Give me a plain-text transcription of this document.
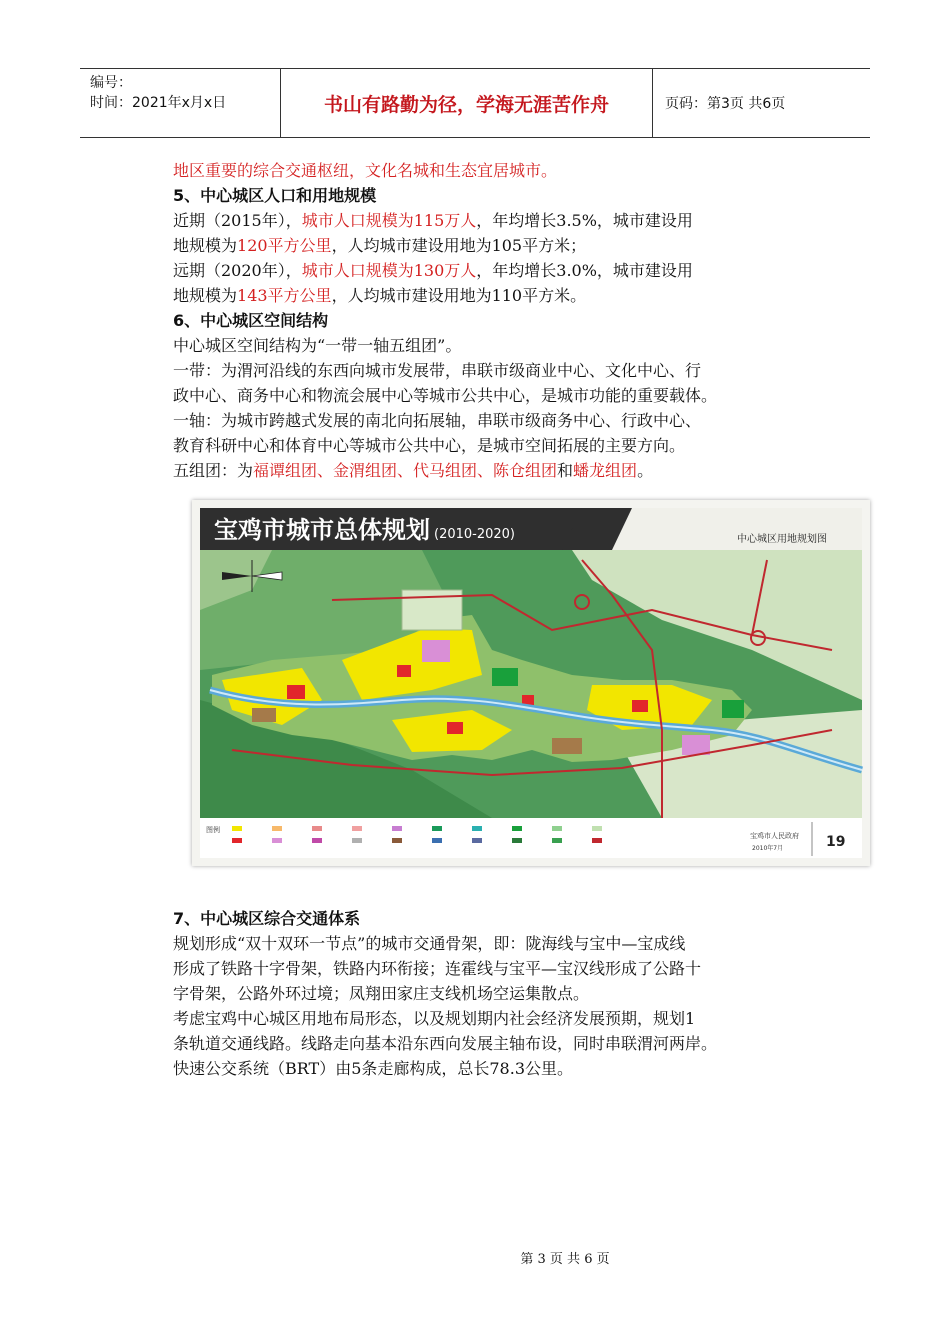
编号：
时间：2021年x月x日	书山有路勤为径，学海无涯苦作舟	页码：第3页 共6页

地区重要的综合交通枢纽，文化名城和生态宜居城市。

5、中心城区人口和用地规模

近期（2015年），城市人口规模为115万人，年均增长3.5%，城市建设用

地规模为120平方公里，人均城市建设用地为105平方米；

远期（2020年），城市人口规模为130万人，年均增长3.0%，城市建设用

地规模为143平方公里，人均城市建设用地为110平方米。

6、中心城区空间结构

中心城区空间结构为“一带一轴五组团”。

一带：为渭河沿线的东西向城市发展带，串联市级商业中心、文化中心、行

政中心、商务中心和物流会展中心等城市公共中心，是城市功能的重要载体。

一轴：为城市跨越式发展的南北向拓展轴，串联市级商务中心、行政中心、

教育科研中心和体育中心等城市公共中心，是城市空间拓展的主要方向。

五组团：为福谭组团、金渭组团、代马组团、陈仓组团和蟠龙组团。

宝鸡市城市总体规划 (2010-2020)	中心城区用地规划图
图例
宝鸡市人民政府
2010年7月	19

7、中心城区综合交通体系

规划形成“双十双环一节点”的城市交通骨架，即：陇海线与宝中—宝成线

形成了铁路十字骨架，铁路内环衔接；连霍线与宝平—宝汉线形成了公路十

字骨架，公路外环过境；凤翔田家庄支线机场空运集散点。

考虑宝鸡中心城区用地布局形态，以及规划期内社会经济发展预期，规划1

条轨道交通线路。线路走向基本沿东西向发展主轴布设，同时串联渭河两岸。

快速公交系统（BRT）由5条走廊构成，总长78.3公里。

第 3 页 共 6 页
